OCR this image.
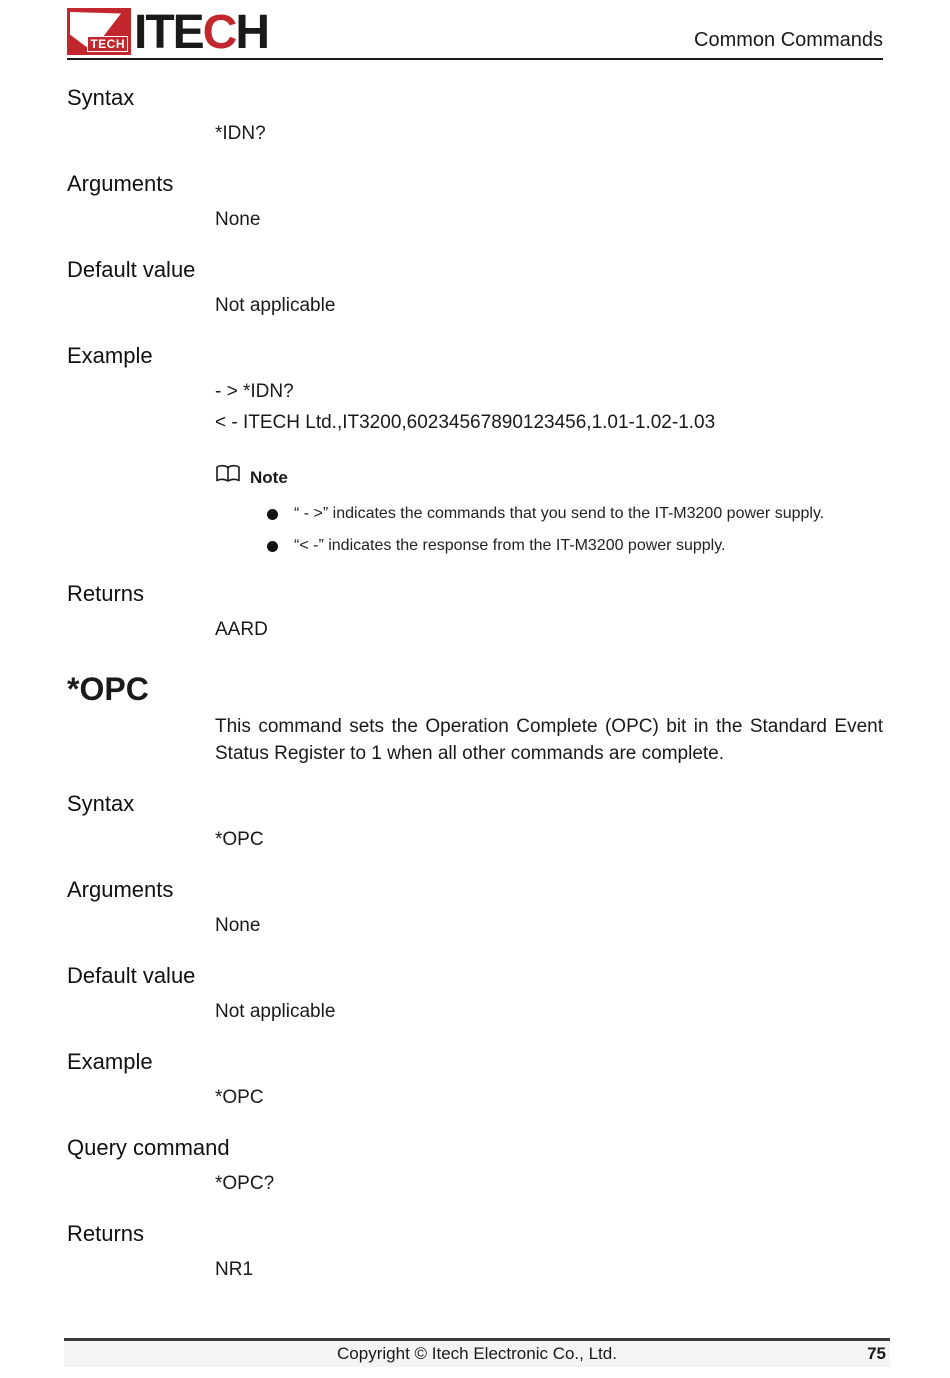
TECH ITECH	Common Commands
Syntax
*IDN?
Arguments
None
Default value
Not applicable
Example
- > *IDN?
< - ITECH Ltd.,IT3200,60234567890123456,1.01-1.02-1.03
Note
“ - >” indicates the commands that you send to the IT-M3200 power supply.
“< -” indicates the response from the IT-M3200 power supply.
Returns
AARD
*OPC
This command sets the Operation Complete (OPC) bit in the Standard Event Status Register to 1 when all other commands are complete.
Syntax
*OPC
Arguments
None
Default value
Not applicable
Example
*OPC
Query command
*OPC?
Returns
NR1
Copyright © Itech Electronic Co., Ltd.	75
